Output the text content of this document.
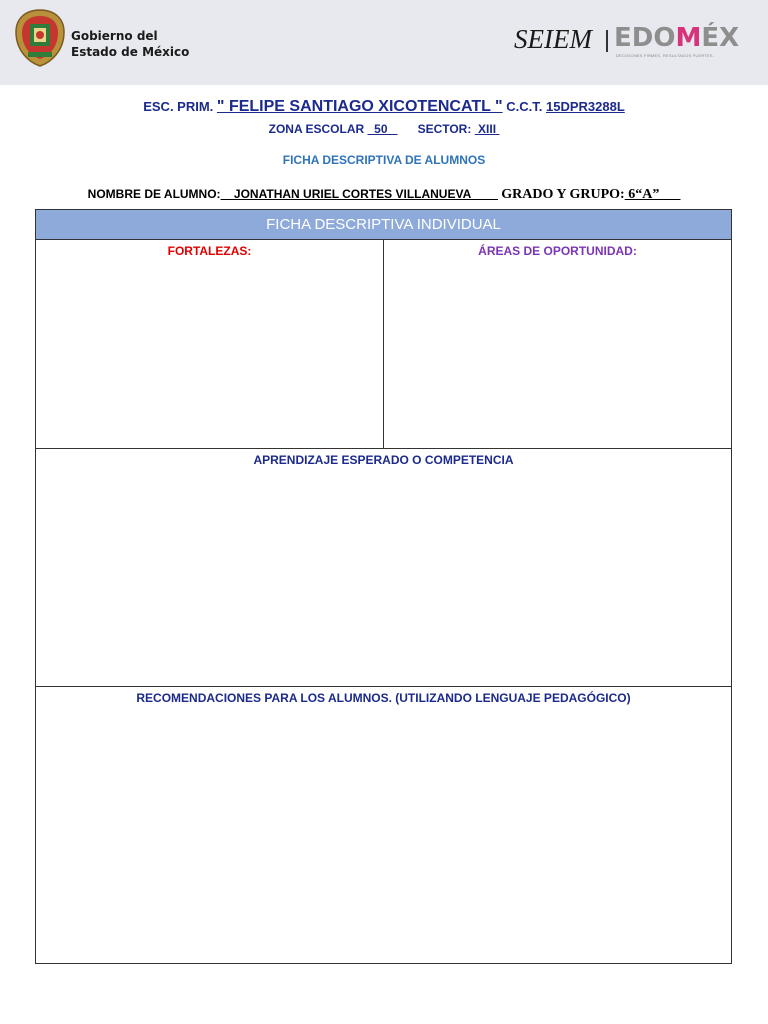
Gobierno del
Estado de México	SEIEM EDOMÉX
DECISIONES FIRMES, RESULTADOS FUERTES.
ESC. PRIM. " FELIPE SANTIAGO XICOTENCATL " C.C.T. 15DPR3288L
ZONA ESCOLAR   50         SECTOR:  XIII
FICHA DESCRIPTIVA DE ALUMNOS
NOMBRE DE ALUMNO:__JONATHAN URIEL CORTES VILLANUEVA____ GRADO Y GRUPO: 6“A”___
FICHA DESCRIPTIVA INDIVIDUAL
FORTALEZAS:	ÁREAS DE OPORTUNIDAD:
APRENDIZAJE ESPERADO O COMPETENCIA
RECOMENDACIONES PARA LOS ALUMNOS. (UTILIZANDO LENGUAJE PEDAGÓGICO)
